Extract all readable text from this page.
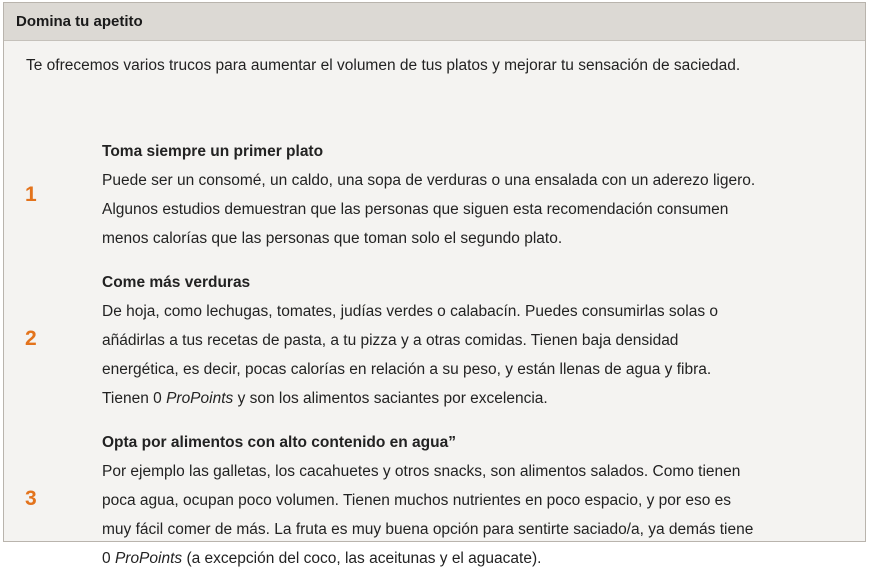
Domina tu apetito
Te ofrecemos varios trucos para aumentar el volumen de tus platos y mejorar tu sensación de saciedad.
1
Toma siempre un primer plato
Puede ser un consomé, un caldo, una sopa de verduras o una ensalada con un aderezo ligero.
Algunos estudios demuestran que las personas que siguen esta recomendación consumen
menos calorías que las personas que toman solo el segundo plato.
2
Come más verduras
De hoja, como lechugas, tomates, judías verdes o calabacín. Puedes consumirlas solas o
añádirlas a tus recetas de pasta, a tu pizza y a otras comidas. Tienen baja densidad
energética, es decir, pocas calorías en relación a su peso, y están llenas de agua y fibra.
Tienen 0 ProPoints y son los alimentos saciantes por excelencia.
3
Opta por alimentos con alto contenido en agua”
Por ejemplo las galletas, los cacahuetes y otros snacks, son alimentos salados. Como tienen
poca agua, ocupan poco volumen. Tienen muchos nutrientes en poco espacio, y por eso es
muy fácil comer de más. La fruta es muy buena opción para sentirte saciado/a, ya demás tiene
0 ProPoints (a excepción del coco, las aceitunas y el aguacate).
